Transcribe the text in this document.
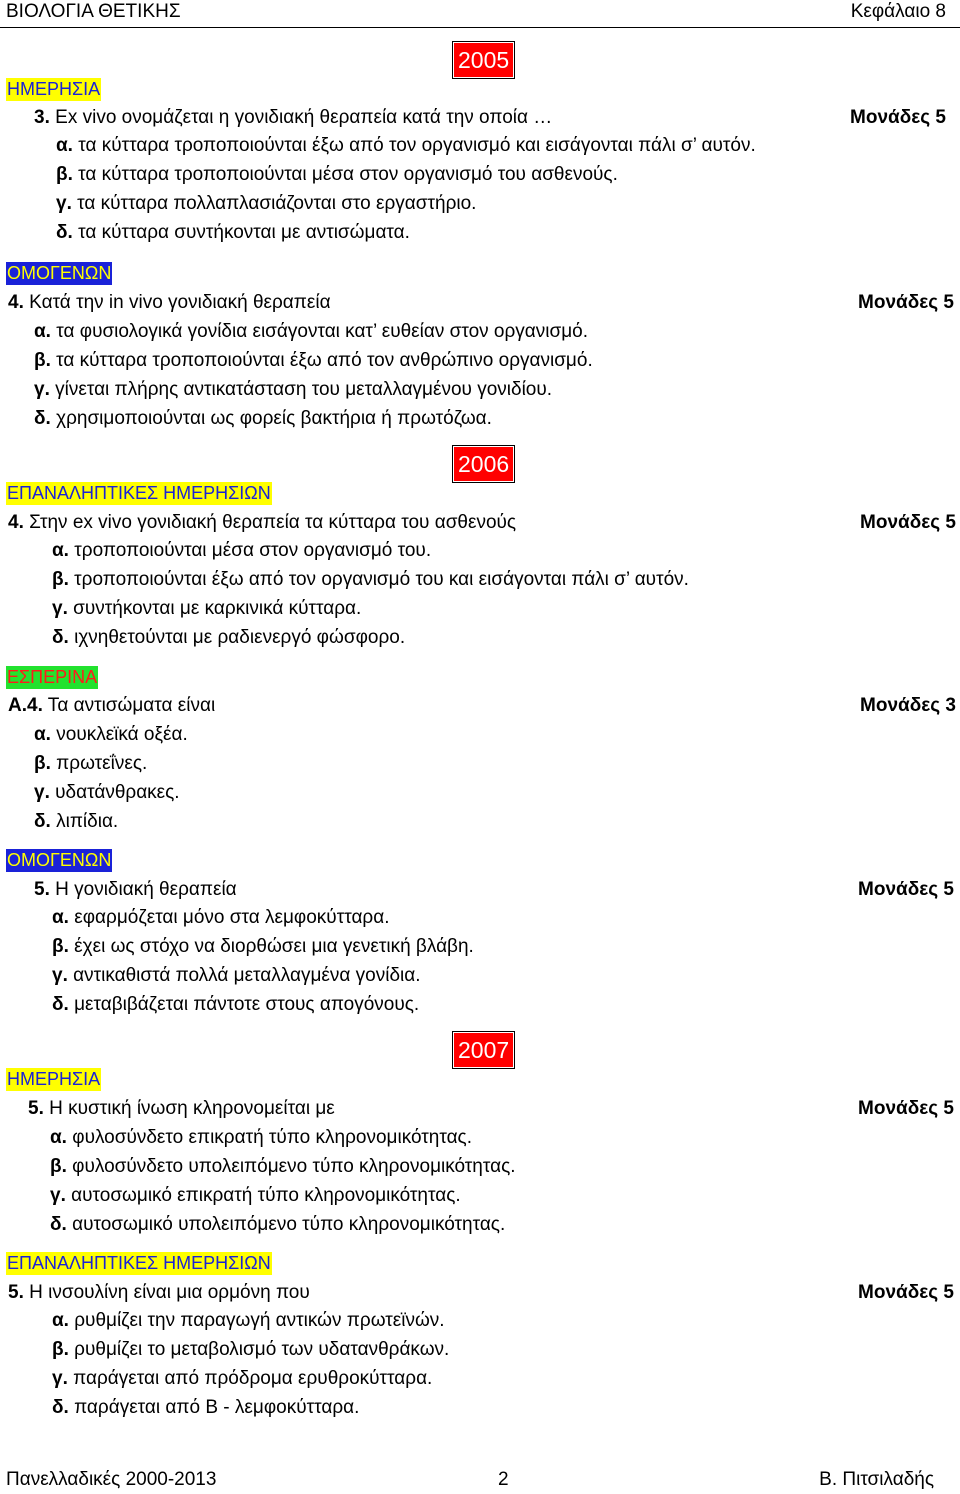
ΒΙΟΛΟΓΙΑ ΘΕΤΙΚΗΣ	Κεφάλαιο 8
2005
2006
2007
ΗΜΕΡΗΣΙΑ
3. Εx vivo ονομάζεται η γονιδιακή θεραπεία κατά την οποία …	Μονάδες 5
α. τα κύτταρα τροποποιούνται έξω από τον οργανισμό και εισάγονται πάλι σ’ αυτόν.
β. τα κύτταρα τροποποιούνται μέσα στον οργανισμό του ασθενούς.
γ. τα κύτταρα πολλαπλασιάζονται στο εργαστήριο.
δ. τα κύτταρα συντήκονται με αντισώματα.
ΟΜΟΓΕΝΩΝ
4. Κατά την in vivo γονιδιακή θεραπεία	Μονάδες 5
α. τα φυσιολογικά γονίδια εισάγονται κατ’ ευθείαν στον οργανισμό.
β. τα κύτταρα τροποποιούνται έξω από τον ανθρώπινο οργανισμό.
γ. γίνεται πλήρης αντικατάσταση του μεταλλαγμένου γονιδίου.
δ. χρησιμοποιούνται ως φορείς βακτήρια ή πρωτόζωα.
ΕΠΑΝΑΛΗΠΤΙΚΕΣ ΗΜΕΡΗΣΙΩΝ
4. Στην ex vivo γονιδιακή θεραπεία τα κύτταρα του ασθενούς	Μονάδες 5
α. τροποποιούνται μέσα στον οργανισμό του.
β. τροποποιούνται έξω από τον οργανισμό του και εισάγονται πάλι σ’ αυτόν.
γ. συντήκονται με καρκινικά κύτταρα.
δ. ιχνηθετούνται με ραδιενεργό φώσφορο.
ΕΣΠΕΡΙΝΑ
Α.4. Τα αντισώματα είναι	Μονάδες 3
α. νουκλεϊκά οξέα.
β. πρωτεΐνες.
γ. υδατάνθρακες.
δ. λιπίδια.
ΟΜΟΓΕΝΩΝ
5. Η γονιδιακή θεραπεία	Μονάδες 5
α. εφαρμόζεται μόνο στα λεμφοκύτταρα.
β. έχει ως στόχο να διορθώσει μια γενετική βλάβη.
γ. αντικαθιστά πολλά μεταλλαγμένα γονίδια.
δ. μεταβιβάζεται πάντοτε στους απογόνους.
ΗΜΕΡΗΣΙΑ
5. Η κυστική ίνωση κληρονομείται με	Μονάδες 5
α. φυλοσύνδετο επικρατή τύπο κληρονομικότητας.
β. φυλοσύνδετο υπολειπόμενο τύπο κληρονομικότητας.
γ. αυτοσωμικό επικρατή τύπο κληρονομικότητας.
δ. αυτοσωμικό υπολειπόμενο τύπο κληρονομικότητας.
ΕΠΑΝΑΛΗΠΤΙΚΕΣ ΗΜΕΡΗΣΙΩΝ
5. Η ινσουλίνη είναι μια ορμόνη που	Μονάδες 5
α. ρυθμίζει την παραγωγή αντικών πρωτεϊνών.
β. ρυθμίζει το μεταβολισμό των υδατανθράκων.
γ. παράγεται από πρόδρομα ερυθροκύτταρα.
δ. παράγεται από Β - λεμφοκύτταρα.
Πανελλαδικές 2000-2013	2	Β. Πιτσιλαδής
